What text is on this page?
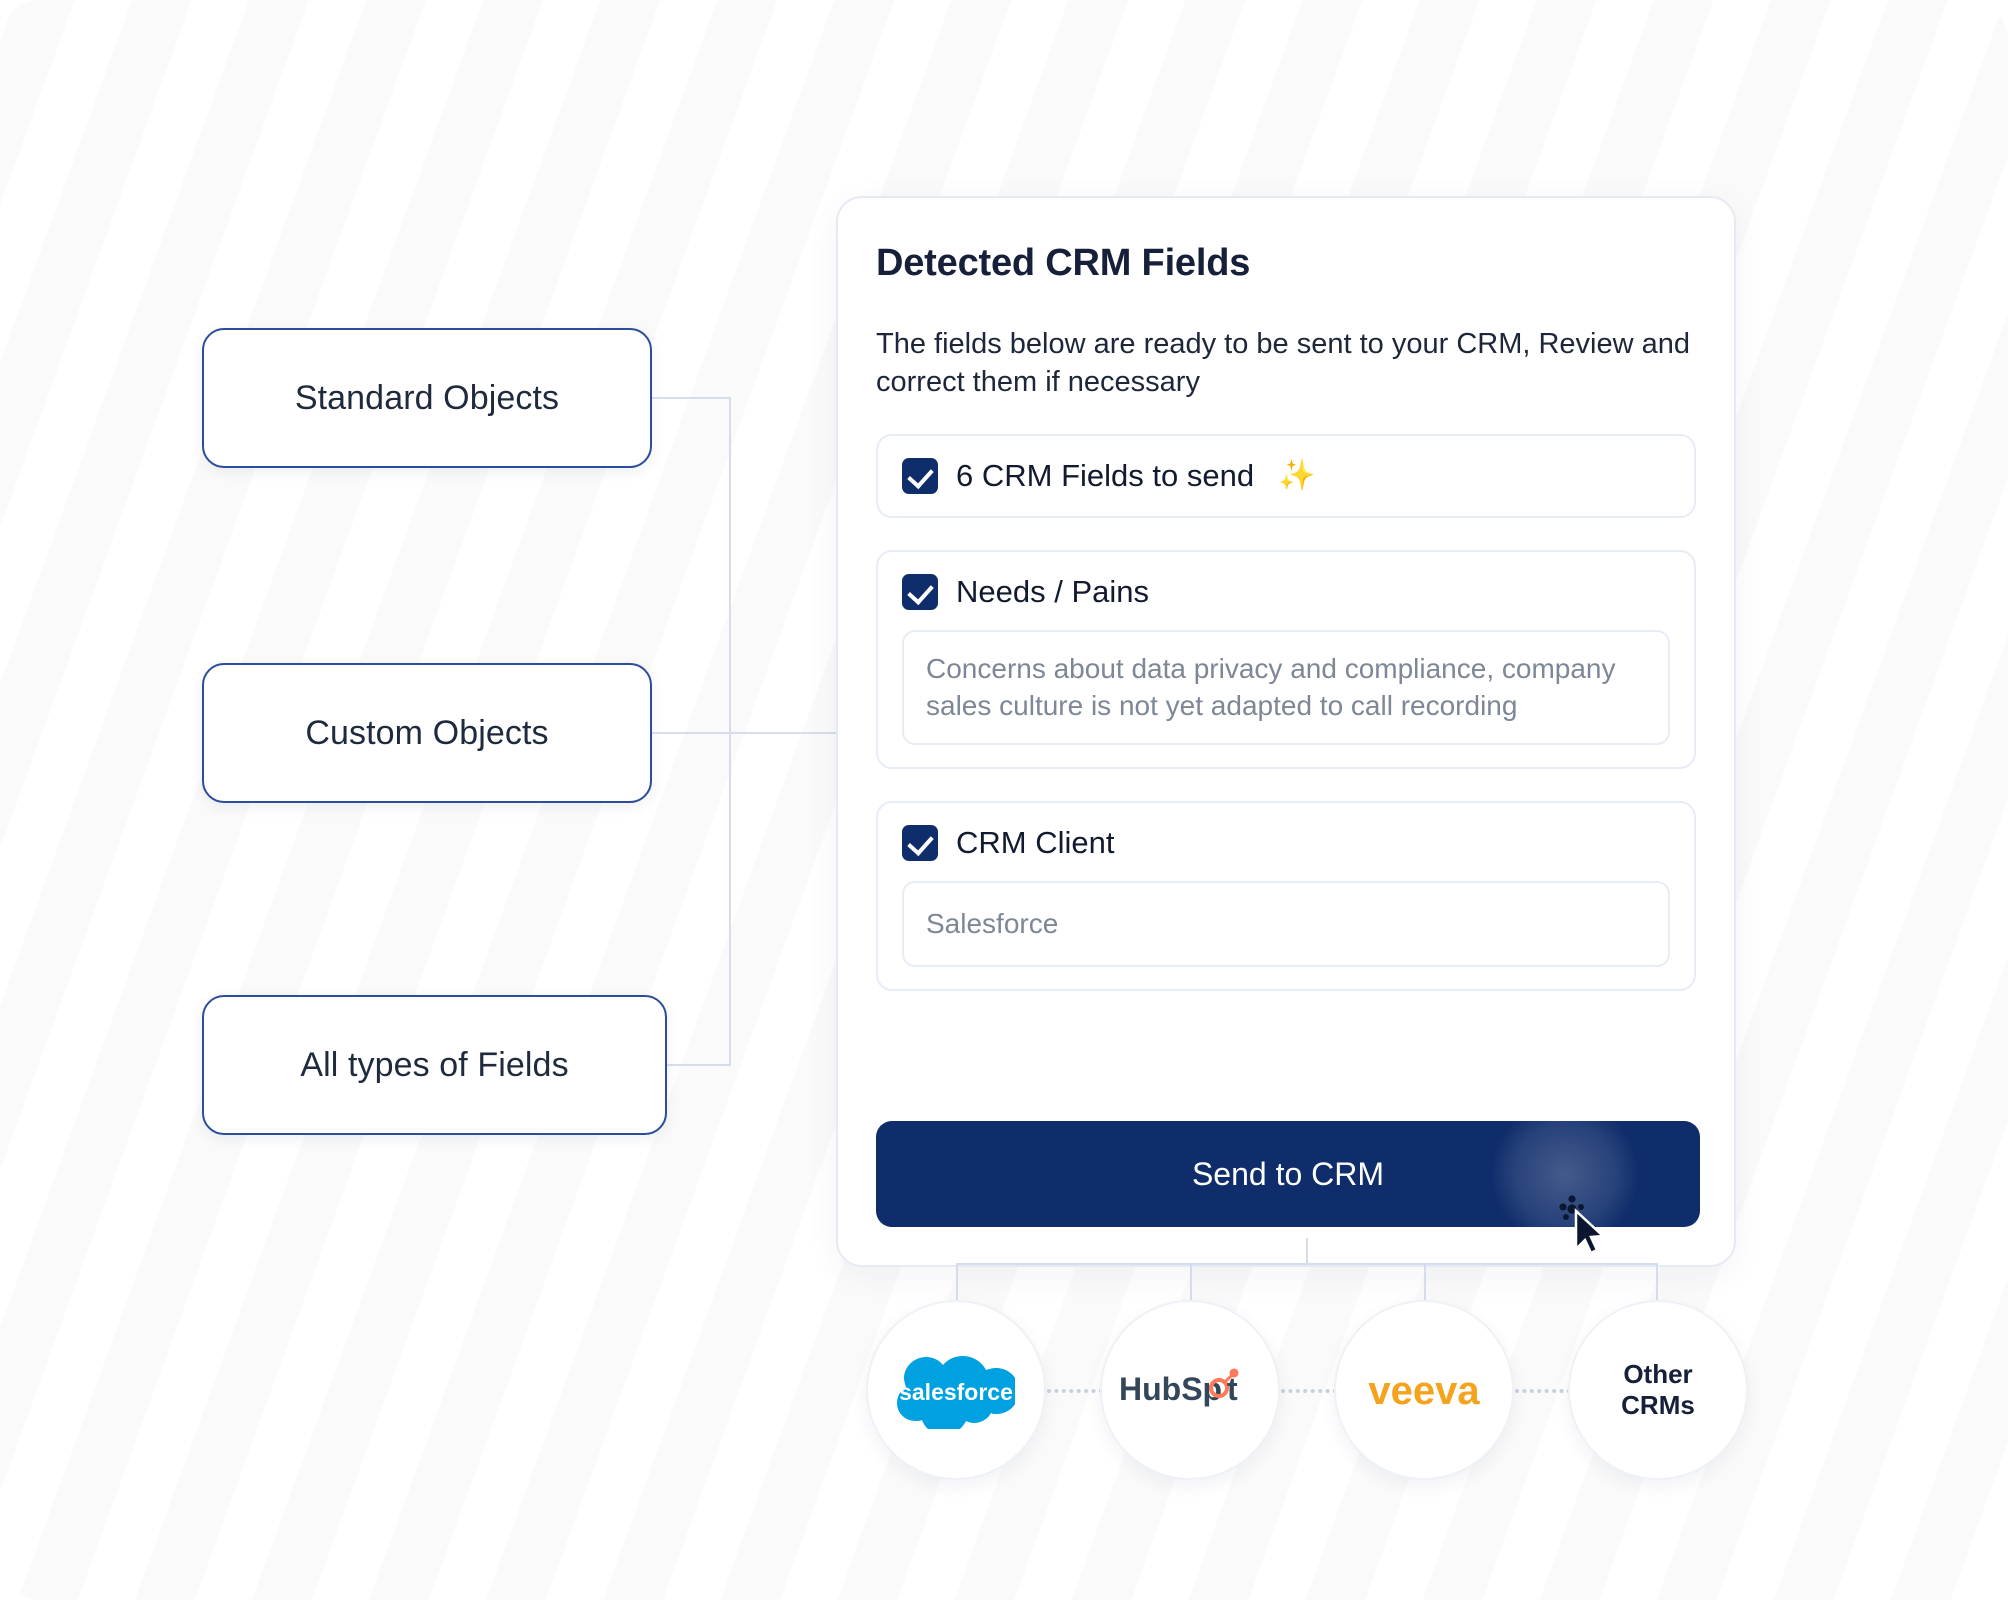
Standard Objects
Custom Objects
All types of Fields
Detected CRM Fields
The fields below are ready to be sent to your CRM, Review and correct them if necessary
6 CRM Fields to send ✨
Needs / Pains
Concerns about data privacy and compliance, company sales culture is not yet adapted to call recording
CRM Client
Salesforce
Send to CRM
salesforce	HubSp t	veeva	Other
CRMs
